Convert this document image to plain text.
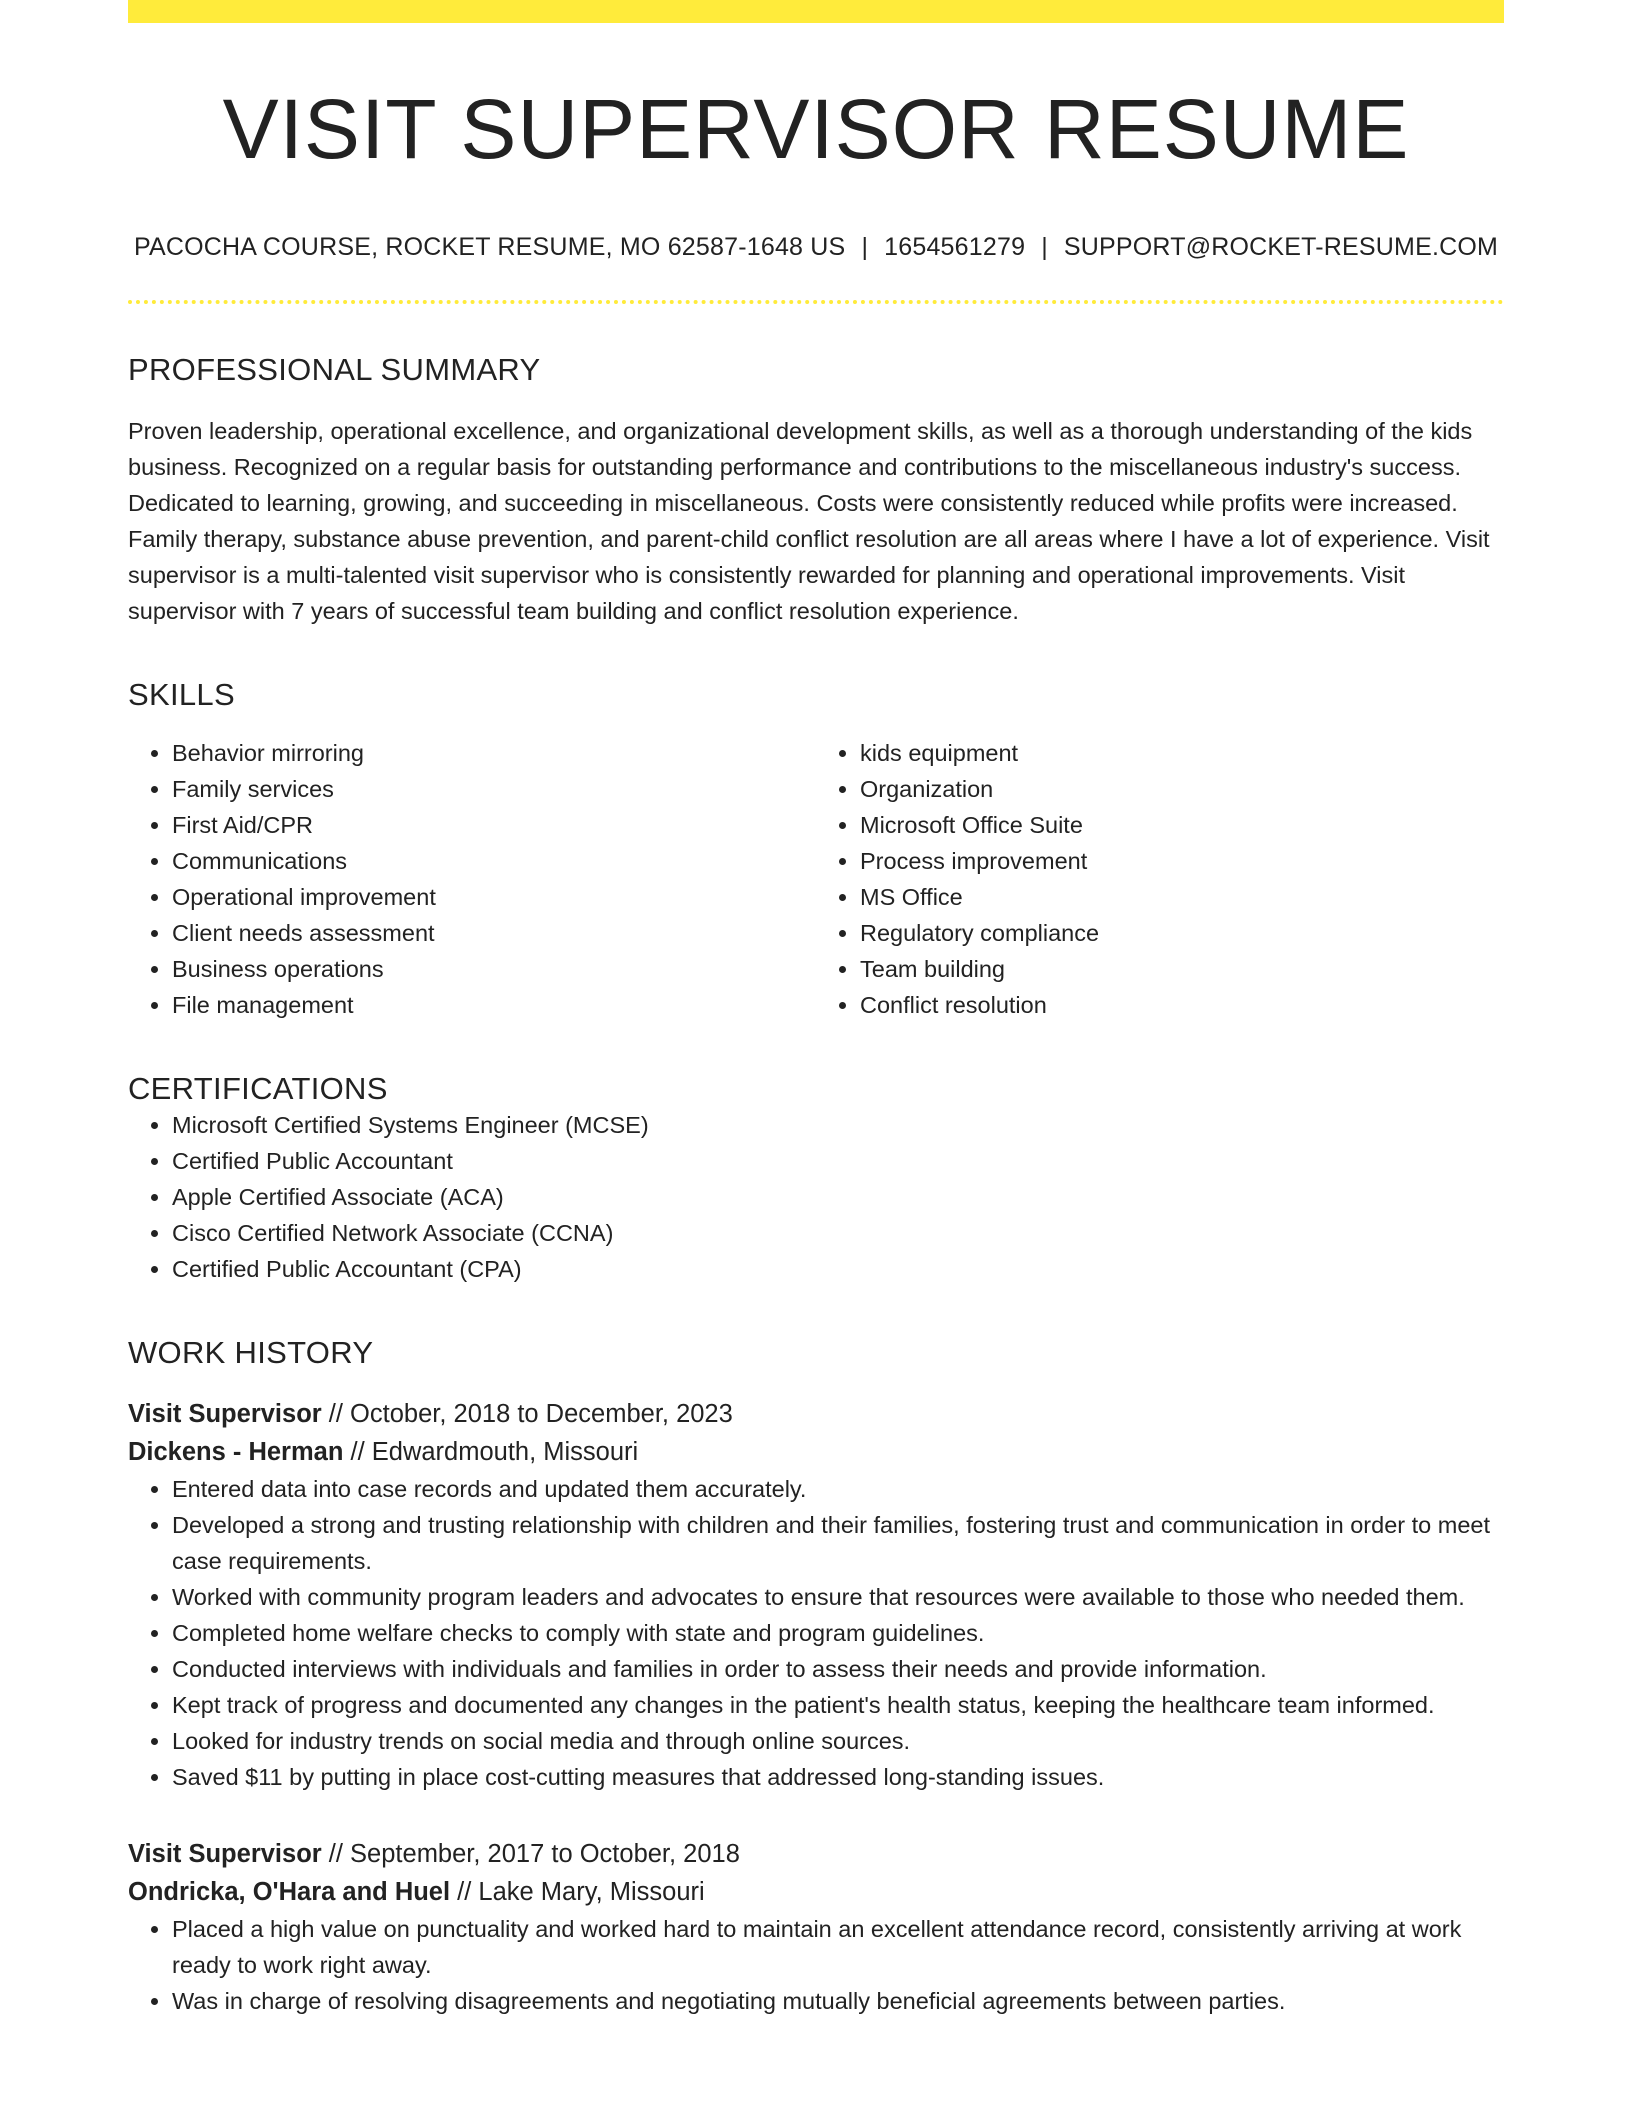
VISIT SUPERVISOR RESUME
PACOCHA COURSE, ROCKET RESUME, MO 62587-1648 US | 1654561279 | SUPPORT@ROCKET-RESUME.COM
PROFESSIONAL SUMMARY
Proven leadership, operational excellence, and organizational development skills, as well as a thorough understanding of the kids business. Recognized on a regular basis for outstanding performance and contributions to the miscellaneous industry's success. Dedicated to learning, growing, and succeeding in miscellaneous. Costs were consistently reduced while profits were increased. Family therapy, substance abuse prevention, and parent-child conflict resolution are all areas where I have a lot of experience. Visit supervisor is a multi-talented visit supervisor who is consistently rewarded for planning and operational improvements. Visit supervisor with 7 years of successful team building and conflict resolution experience.
SKILLS
• Behavior mirroring
• Family services
• First Aid/CPR
• Communications
• Operational improvement
• Client needs assessment
• Business operations
• File management
• kids equipment
• Organization
• Microsoft Office Suite
• Process improvement
• MS Office
• Regulatory compliance
• Team building
• Conflict resolution
CERTIFICATIONS
• Microsoft Certified Systems Engineer (MCSE)
• Certified Public Accountant
• Apple Certified Associate (ACA)
• Cisco Certified Network Associate (CCNA)
• Certified Public Accountant (CPA)
WORK HISTORY
Visit Supervisor // October, 2018 to December, 2023
Dickens - Herman // Edwardmouth, Missouri
• Entered data into case records and updated them accurately.
• Developed a strong and trusting relationship with children and their families, fostering trust and communication in order to meet case requirements.
• Worked with community program leaders and advocates to ensure that resources were available to those who needed them.
• Completed home welfare checks to comply with state and program guidelines.
• Conducted interviews with individuals and families in order to assess their needs and provide information.
• Kept track of progress and documented any changes in the patient's health status, keeping the healthcare team informed.
• Looked for industry trends on social media and through online sources.
• Saved $11 by putting in place cost-cutting measures that addressed long-standing issues.
Visit Supervisor // September, 2017 to October, 2018
Ondricka, O'Hara and Huel // Lake Mary, Missouri
• Placed a high value on punctuality and worked hard to maintain an excellent attendance record, consistently arriving at work ready to work right away.
• Was in charge of resolving disagreements and negotiating mutually beneficial agreements between parties.
